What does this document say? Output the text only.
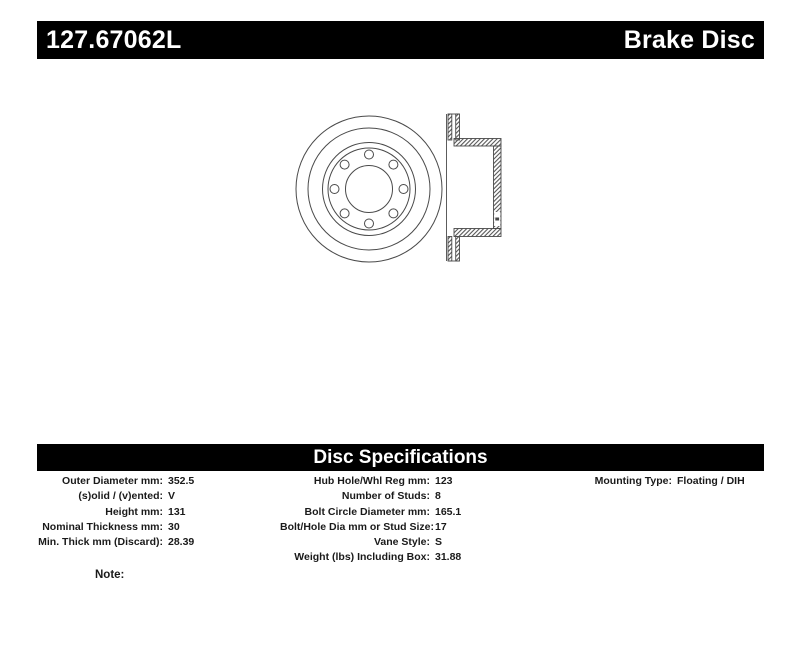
127.67062L	Brake Disc
Disc Specifications
Outer Diameter mm: 352.5
(s)olid / (v)ented: V
Height mm: 131
Nominal Thickness mm: 30
Min. Thick mm (Discard): 28.39
Hub Hole/Whl Reg mm: 123
Number of Studs: 8
Bolt Circle Diameter mm: 165.1
Bolt/Hole Dia mm or Stud Size: 17
Vane Style: S
Weight (lbs) Including Box: 31.88
Mounting Type: Floating / DIH
Note:
